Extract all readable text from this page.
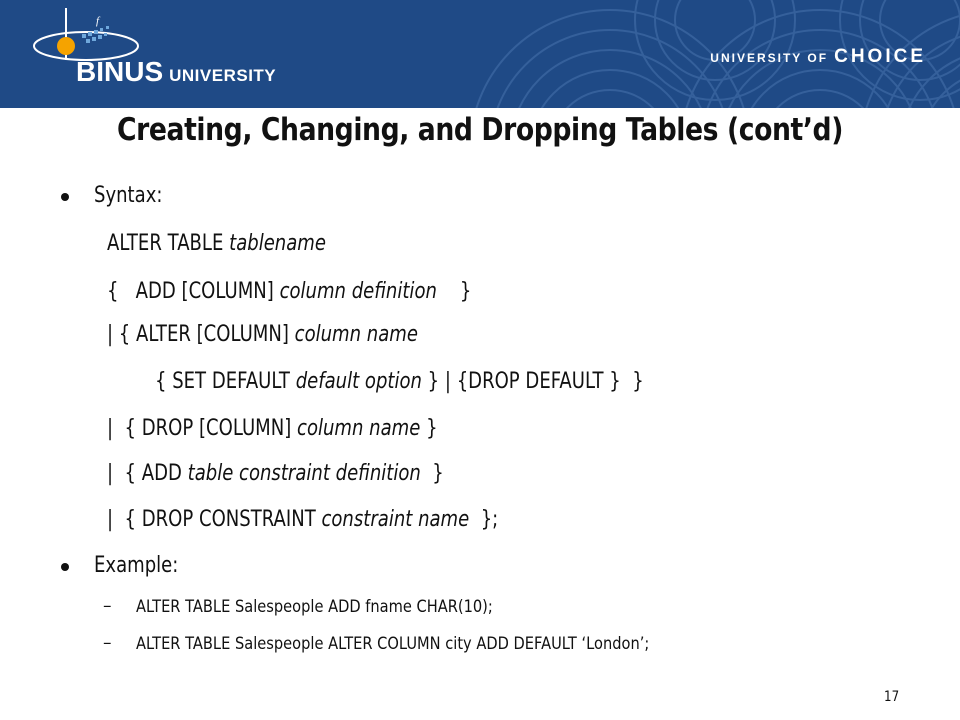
f
BINUS UNIVERSITY
UNIVERSITY OF CHOICE
Creating, Changing, and Dropping Tables (cont’d)
Syntax:
ALTER TABLE tablename
{   ADD [COLUMN] column definition    }
| { ALTER [COLUMN] column name
{ SET DEFAULT default option } | {DROP DEFAULT }  }
|  { DROP [COLUMN] column name }
|  { ADD table constraint definition  }
|  { DROP CONSTRAINT constraint name  };
Example:
– ALTER TABLE Salespeople ADD fname CHAR(10);
– ALTER TABLE Salespeople ALTER COLUMN city ADD DEFAULT ‘London’;
17
